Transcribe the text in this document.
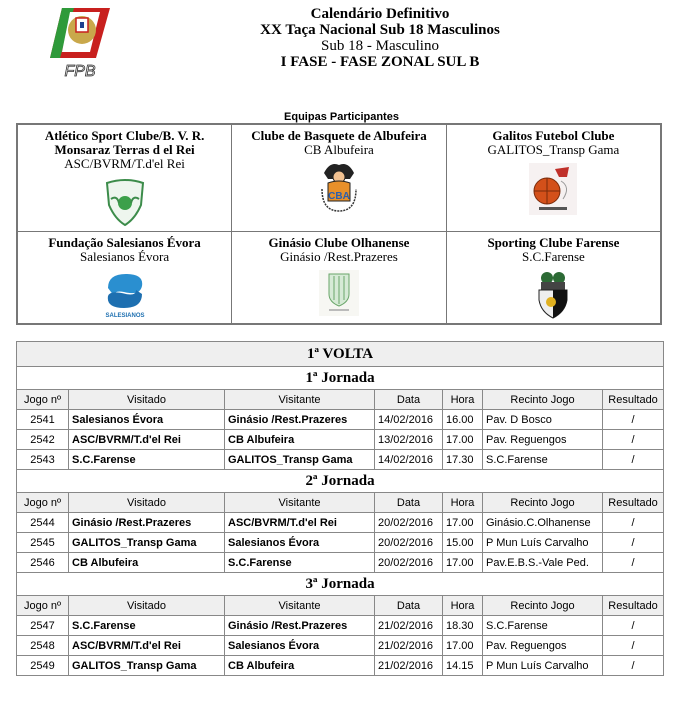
FPB
Calendário Definitivo
XX Taça Nacional Sub 18 Masculinos
Sub 18 - Masculino
I FASE - FASE ZONAL SUL B
Equipas Participantes
Atlético Sport Clube/B. V. R. Monsaraz Terras d el Rei
ASC/BVRM/T.d'el Rei

Clube de Basquete de Albufeira
CB Albufeira
CBA

Galitos Futebol Clube
GALITOS_Transp Gama

Fundação Salesianos Évora
Salesianos Évora
SALESIANOS

Ginásio Clube Olhanense
Ginásio /Rest.Prazeres

Sporting Clube Farense
S.C.Farense
1ª VOLTA						
1ª Jornada						
Jogo nº	Visitado	Visitante	Data	Hora	Recinto Jogo	Resultado
2541	Salesianos Évora	Ginásio /Rest.Prazeres	14/02/2016	16.00	Pav. D Bosco	/
2542	ASC/BVRM/T.d'el Rei	CB Albufeira	13/02/2016	17.00	Pav. Reguengos	/
2543	S.C.Farense	GALITOS_Transp Gama	14/02/2016	17.30	S.C.Farense	/
2ª Jornada						
Jogo nº	Visitado	Visitante	Data	Hora	Recinto Jogo	Resultado
2544	Ginásio /Rest.Prazeres	ASC/BVRM/T.d'el Rei	20/02/2016	17.00	Ginásio.C.Olhanense	/
2545	GALITOS_Transp Gama	Salesianos Évora	20/02/2016	15.00	P Mun Luís Carvalho	/
2546	CB Albufeira	S.C.Farense	20/02/2016	17.00	Pav.E.B.S.-Vale Ped.	/
3ª Jornada						
Jogo nº	Visitado	Visitante	Data	Hora	Recinto Jogo	Resultado
2547	S.C.Farense	Ginásio /Rest.Prazeres	21/02/2016	18.30	S.C.Farense	/
2548	ASC/BVRM/T.d'el Rei	Salesianos Évora	21/02/2016	17.00	Pav. Reguengos	/
2549	GALITOS_Transp Gama	CB Albufeira	21/02/2016	14.15	P Mun Luís Carvalho	/
